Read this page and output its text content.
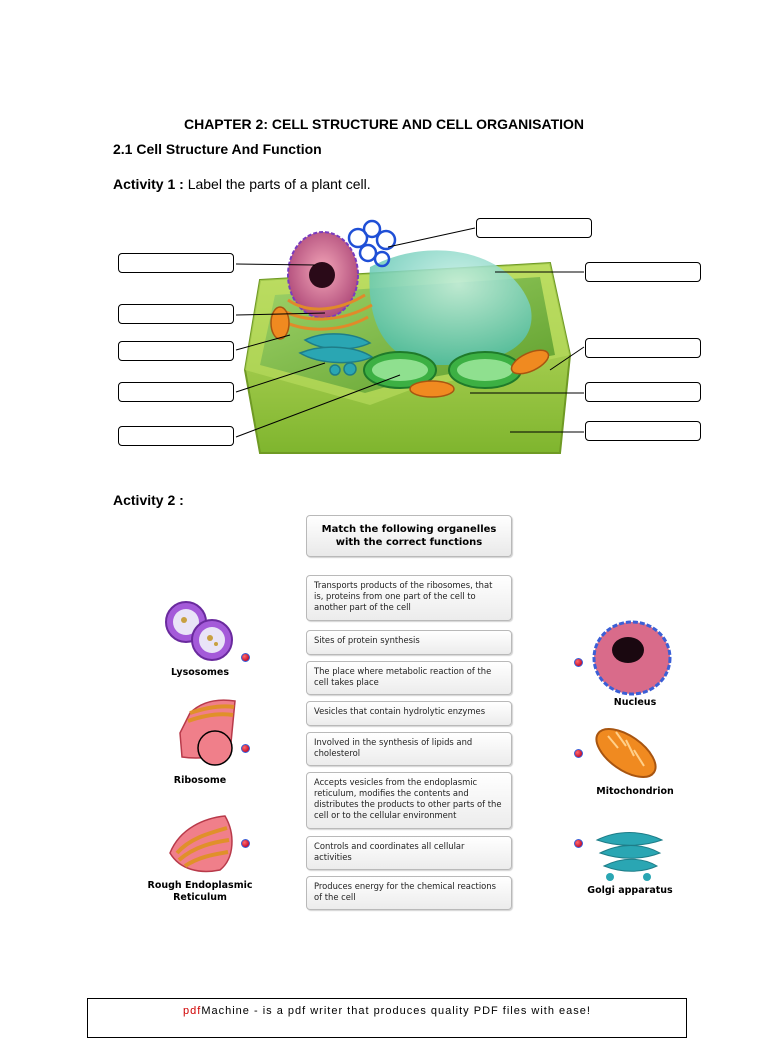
CHAPTER 2: CELL STRUCTURE AND CELL ORGANISATION
2.1 Cell Structure And Function
Activity 1 : Label the parts of a plant cell.
Activity 2 :
Match the following organelles
with the correct functions
Transports products of the ribosomes, that is, proteins from one part of the cell to another part of the cell
Sites of protein synthesis
The place where metabolic reaction of the cell takes place
Vesicles that contain hydrolytic enzymes
Involved in the synthesis of lipids and cholesterol
Accepts vesicles from the endoplasmic reticulum, modifies the contents and distributes the products to other parts of the cell or to the cellular environment
Controls and coordinates all cellular activities
Produces energy for the chemical reactions of the cell
Lysosomes
Ribosome
Rough Endoplasmic
Reticulum
Nucleus
Mitochondrion
Golgi apparatus
pdfMachine - is a pdf writer that produces quality PDF files with ease!
